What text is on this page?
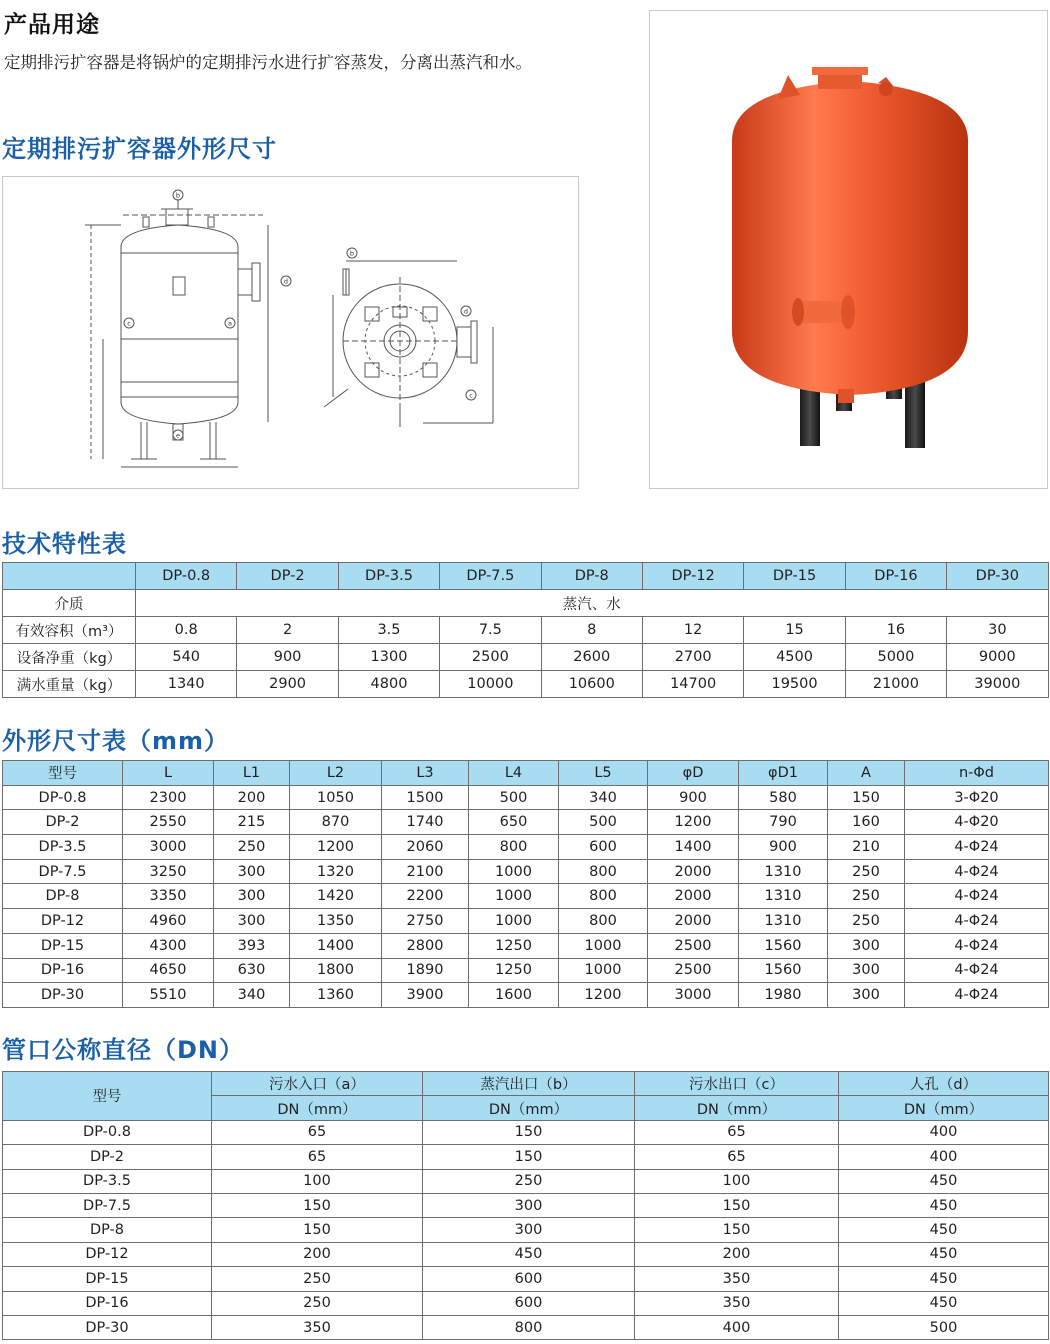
产品用途
定期排污扩容器是将锅炉的定期排污水进行扩容蒸发，分离出蒸汽和水。
定期排污扩容器外形尺寸
b
d
c	a
e
b
d
c
技术特性表
	DP-0.8	DP-2	DP-3.5	DP-7.5	DP-8	DP-12	DP-15	DP-16	DP-30
介质	蒸汽、水								
有效容积（m³）	0.8	2	3.5	7.5	8	12	15	16	30
设备净重（kg）	540	900	1300	2500	2600	2700	4500	5000	9000
满水重量（kg）	1340	2900	4800	10000	10600	14700	19500	21000	39000
外形尺寸表（mm）
型号	L	L1	L2	L3	L4	L5	φD	φD1	A	n-Φd
DP-0.8	2300	200	1050	1500	500	340	900	580	150	3-Φ20
DP-2	2550	215	870	1740	650	500	1200	790	160	4-Φ20
DP-3.5	3000	250	1200	2060	800	600	1400	900	210	4-Φ24
DP-7.5	3250	300	1320	2100	1000	800	2000	1310	250	4-Φ24
DP-8	3350	300	1420	2200	1000	800	2000	1310	250	4-Φ24
DP-12	4960	300	1350	2750	1000	800	2000	1310	250	4-Φ24
DP-15	4300	393	1400	2800	1250	1000	2500	1560	300	4-Φ24
DP-16	4650	630	1800	1890	1250	1000	2500	1560	300	4-Φ24
DP-30	5510	340	1360	3900	1600	1200	3000	1980	300	4-Φ24
管口公称直径（DN）
型号	污水入口（a）	蒸汽出口（b）	污水出口（c）	人孔（d）
	DN（mm）	DN（mm）	DN（mm）	DN（mm）
DP-0.8	65	150	65	400
DP-2	65	150	65	400
DP-3.5	100	250	100	450
DP-7.5	150	300	150	450
DP-8	150	300	150	450
DP-12	200	450	200	450
DP-15	250	600	350	450
DP-16	250	600	350	450
DP-30	350	800	400	500
